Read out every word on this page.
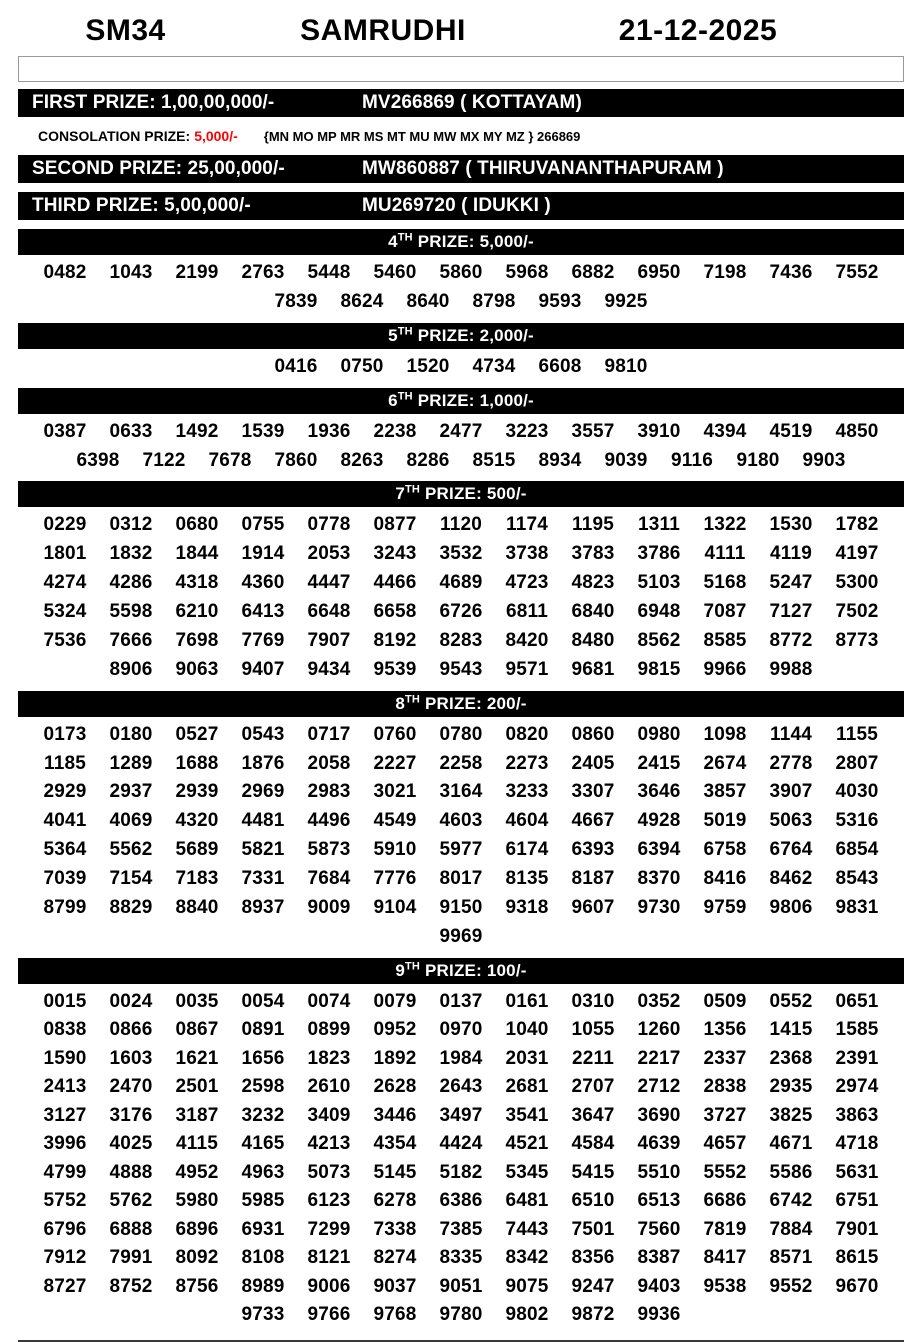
SM34	SAMRUDHI	21-12-2025
FIRST PRIZE: 1,00,00,000/-	MV266869 ( KOTTAYAM)
CONSOLATION PRIZE: 5,000/-	{MN MO MP MR MS MT MU MW MX MY MZ } 266869
SECOND PRIZE: 25,00,000/-	MW860887 ( THIRUVANANTHAPURAM )
THIRD PRIZE: 5,00,000/-	MU269720 ( IDUKKI )
4TH PRIZE: 5,000/-
0482	1043	2199	2763	5448	5460	5860	5968	6882	6950	7198	7436	7552
7839	8624	8640	8798	9593	9925
5TH PRIZE: 2,000/-
0416	0750	1520	4734	6608	9810
6TH PRIZE: 1,000/-
0387	0633	1492	1539	1936	2238	2477	3223	3557	3910	4394	4519	4850
6398	7122	7678	7860	8263	8286	8515	8934	9039	9116	9180	9903
7TH PRIZE: 500/-
0229	0312	0680	0755	0778	0877	1120	1174	1195	1311	1322	1530	1782
1801	1832	1844	1914	2053	3243	3532	3738	3783	3786	4111	4119	4197
4274	4286	4318	4360	4447	4466	4689	4723	4823	5103	5168	5247	5300
5324	5598	6210	6413	6648	6658	6726	6811	6840	6948	7087	7127	7502
7536	7666	7698	7769	7907	8192	8283	8420	8480	8562	8585	8772	8773
8906	9063	9407	9434	9539	9543	9571	9681	9815	9966	9988
8TH PRIZE: 200/-
0173	0180	0527	0543	0717	0760	0780	0820	0860	0980	1098	1144	1155
1185	1289	1688	1876	2058	2227	2258	2273	2405	2415	2674	2778	2807
2929	2937	2939	2969	2983	3021	3164	3233	3307	3646	3857	3907	4030
4041	4069	4320	4481	4496	4549	4603	4604	4667	4928	5019	5063	5316
5364	5562	5689	5821	5873	5910	5977	6174	6393	6394	6758	6764	6854
7039	7154	7183	7331	7684	7776	8017	8135	8187	8370	8416	8462	8543
8799	8829	8840	8937	9009	9104	9150	9318	9607	9730	9759	9806	9831
9969
9TH PRIZE: 100/-
0015	0024	0035	0054	0074	0079	0137	0161	0310	0352	0509	0552	0651
0838	0866	0867	0891	0899	0952	0970	1040	1055	1260	1356	1415	1585
1590	1603	1621	1656	1823	1892	1984	2031	2211	2217	2337	2368	2391
2413	2470	2501	2598	2610	2628	2643	2681	2707	2712	2838	2935	2974
3127	3176	3187	3232	3409	3446	3497	3541	3647	3690	3727	3825	3863
3996	4025	4115	4165	4213	4354	4424	4521	4584	4639	4657	4671	4718
4799	4888	4952	4963	5073	5145	5182	5345	5415	5510	5552	5586	5631
5752	5762	5980	5985	6123	6278	6386	6481	6510	6513	6686	6742	6751
6796	6888	6896	6931	7299	7338	7385	7443	7501	7560	7819	7884	7901
7912	7991	8092	8108	8121	8274	8335	8342	8356	8387	8417	8571	8615
8727	8752	8756	8989	9006	9037	9051	9075	9247	9403	9538	9552	9670
9733	9766	9768	9780	9802	9872	9936
